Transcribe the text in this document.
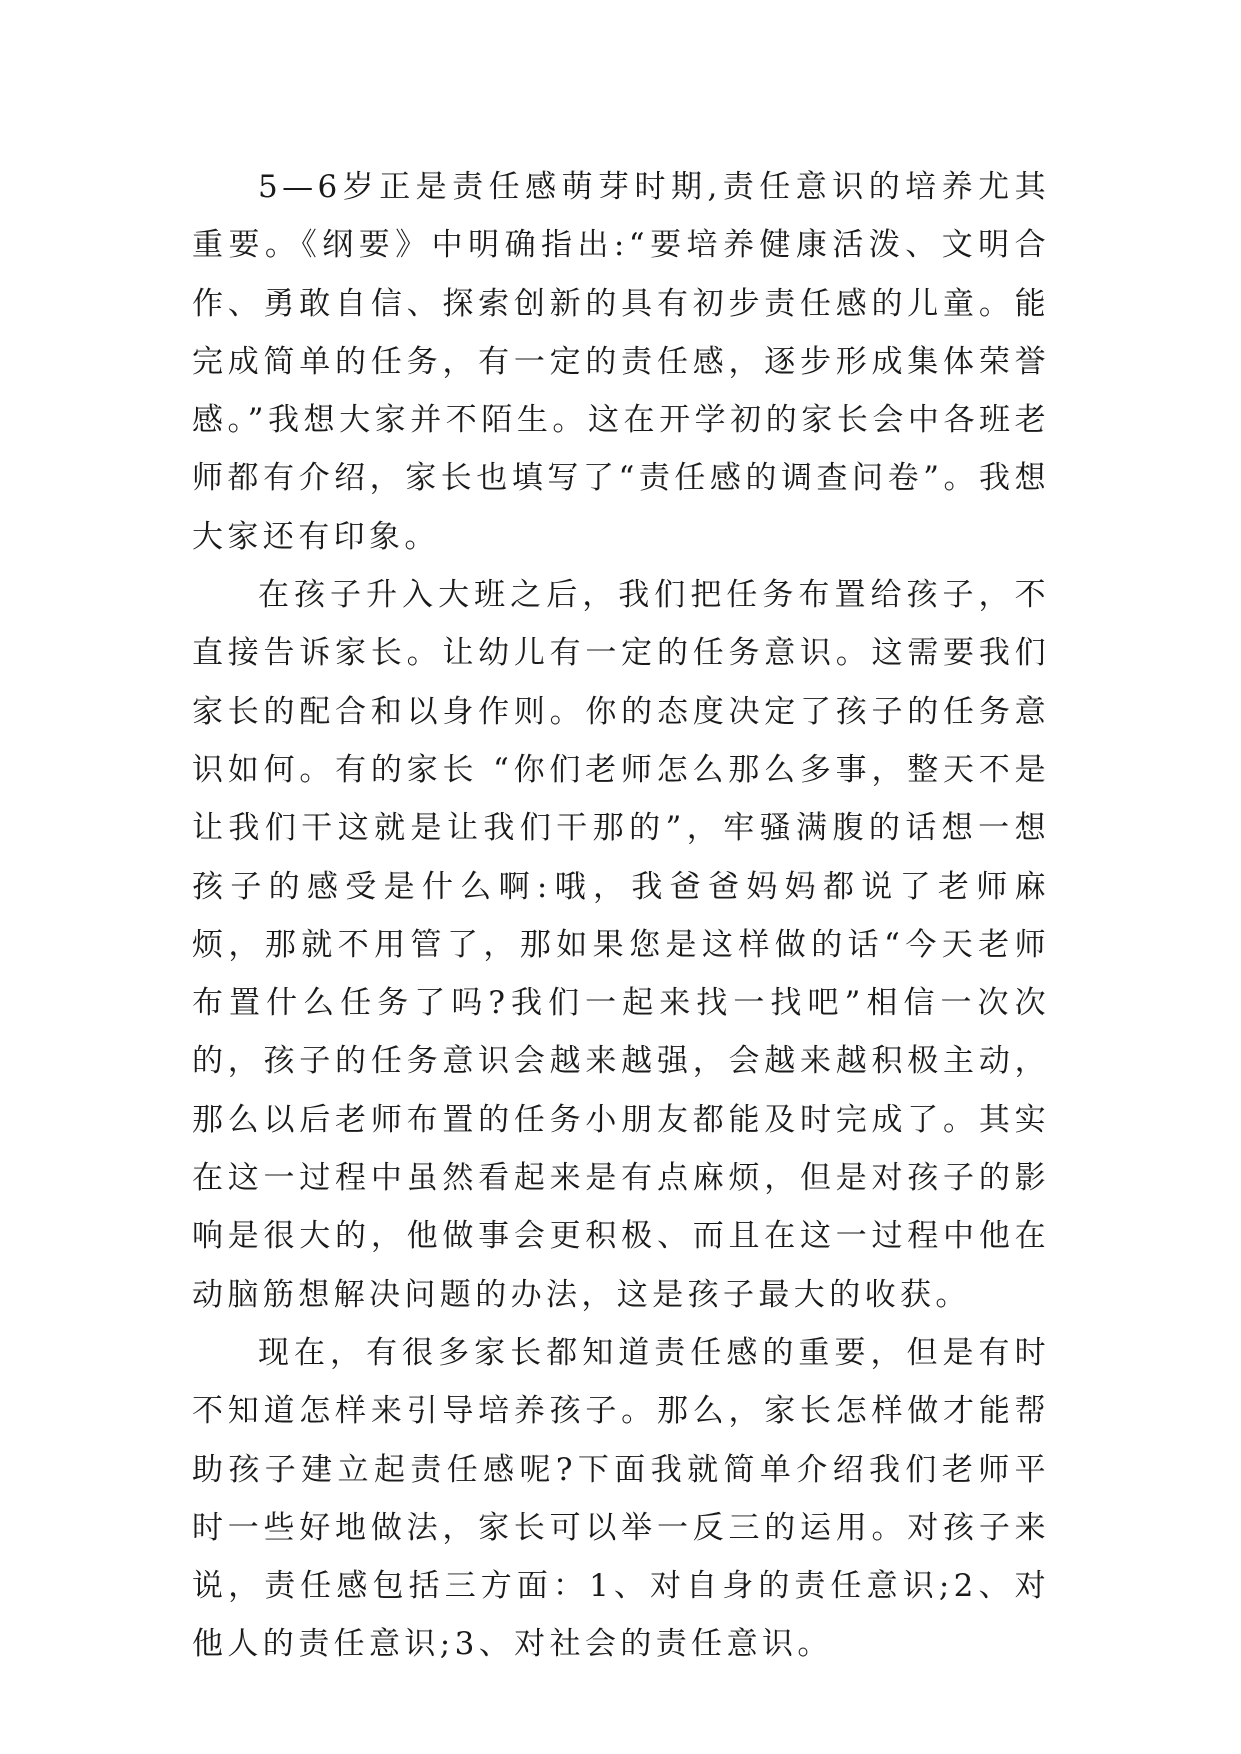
5—6岁正是责任感萌芽时期,责任意识的培养尤其重要。《纲要》中明确指出:“要培养健康活泼、文明合作、勇敢自信、探索创新的具有初步责任感的儿童。能完成简单的任务，有一定的责任感，逐步形成集体荣誉感。”我想大家并不陌生。这在开学初的家长会中各班老师都有介绍，家长也填写了“责任感的调查问卷”。我想大家还有印象。

在孩子升入大班之后，我们把任务布置给孩子，不直接告诉家长。让幼儿有一定的任务意识。这需要我们家长的配合和以身作则。你的态度决定了孩子的任务意识如何。有的家长 “你们老师怎么那么多事，整天不是让我们干这就是让我们干那的”，牢骚满腹的话想一想孩子的感受是什么啊:哦，我爸爸妈妈都说了老师麻烦，那就不用管了，那如果您是这样做的话“今天老师布置什么任务了吗?我们一起来找一找吧”相信一次次的，孩子的任务意识会越来越强，会越来越积极主动，那么以后老师布置的任务小朋友都能及时完成了。其实在这一过程中虽然看起来是有点麻烦，但是对孩子的影响是很大的，他做事会更积极、而且在这一过程中他在动脑筋想解决问题的办法，这是孩子最大的收获。

现在，有很多家长都知道责任感的重要，但是有时不知道怎样来引导培养孩子。那么，家长怎样做才能帮助孩子建立起责任感呢?下面我就简单介绍我们老师平时一些好地做法，家长可以举一反三的运用。对孩子来说，责任感包括三方面：1、对自身的责任意识;2、对他人的责任意识;3、对社会的责任意识。
